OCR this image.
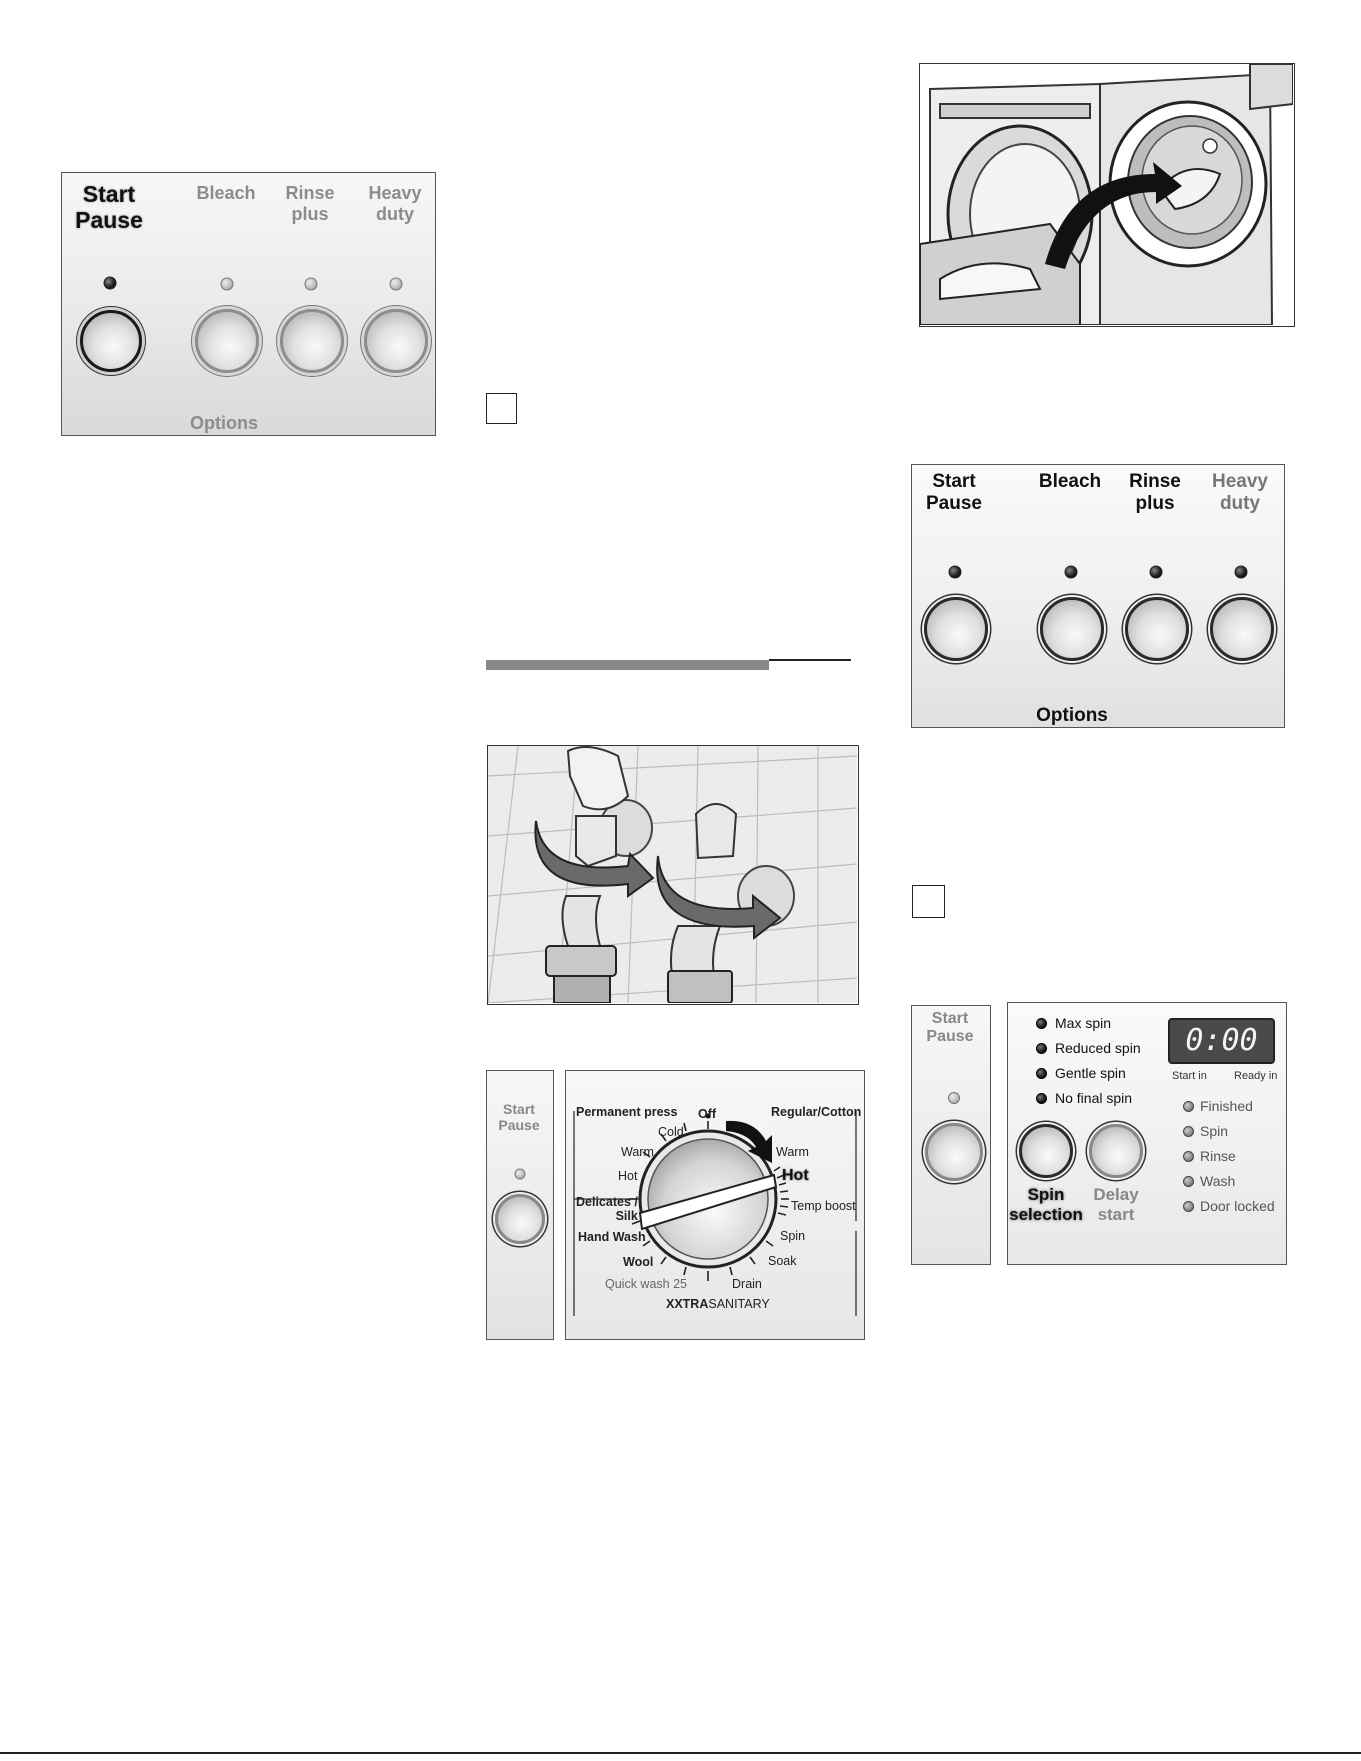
Start
Pause
Bleach Rinse
plus
Heavy
duty
Options
Start
Pause
Permanent press Off	Regular/Cotton
Cold
Warm	Warm
Hot	Hot
Temp boost
Delicates /
Silk
Hand Wash	Spin
Wool	Soak
Quick wash 25	Drain
XXTRASANITARY
Start
Pause
Bleach Rinse
plus
Heavy
duty
Options
Start
Pause
Max spin
Reduced spin
Gentle spin
No final spin
0:00
Start in Ready in
Finished
Spin
Rinse
Wash
Door locked
Spin
selection
Delay
start
